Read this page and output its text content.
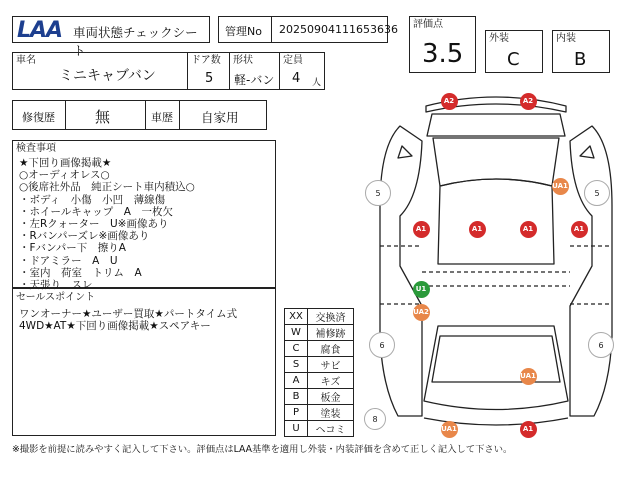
LAA 車両状態チェックシート
管理No 20250904111653636 評価点
3.5
外装
C
内装
B
車名
ミニキャブバン
ドア数
5
形状
軽-バン
定員
4 人
修復歴	無	車歴 自家用
検査事項
★下回り画像掲載★
○オーディオレス○
○後席社外品　純正シート車内積込○
・ボディ　小傷　小凹　薄線傷
・ホイールキャップ　A　一枚欠
・左Rクォーター　U※画像あり
・Rバンパーズレ※画像あり
・Fバンパー下　擦りA
・ドアミラー　A　U
・室内　荷室　トリム　A
・天張り　スレ
セールスポイント
ワンオーナー★ユーザー買取★パートタイム式
4WD★AT★下回り画像掲載★スペアキー
XX	交換済
W	補修跡
C	腐食
S	サビ
A	キズ
B	板金
P	塗装
U	ヘコミ
A2	A2
UA1
A1	A1	A1	A1
U1
UA2
UA1
A1
UA1
5	5
6	6
8
※撮影を前提に読みやすく記入して下さい。評価点はLAA基準を適用し外装・内装評価を含めて正しく記入して下さい。
